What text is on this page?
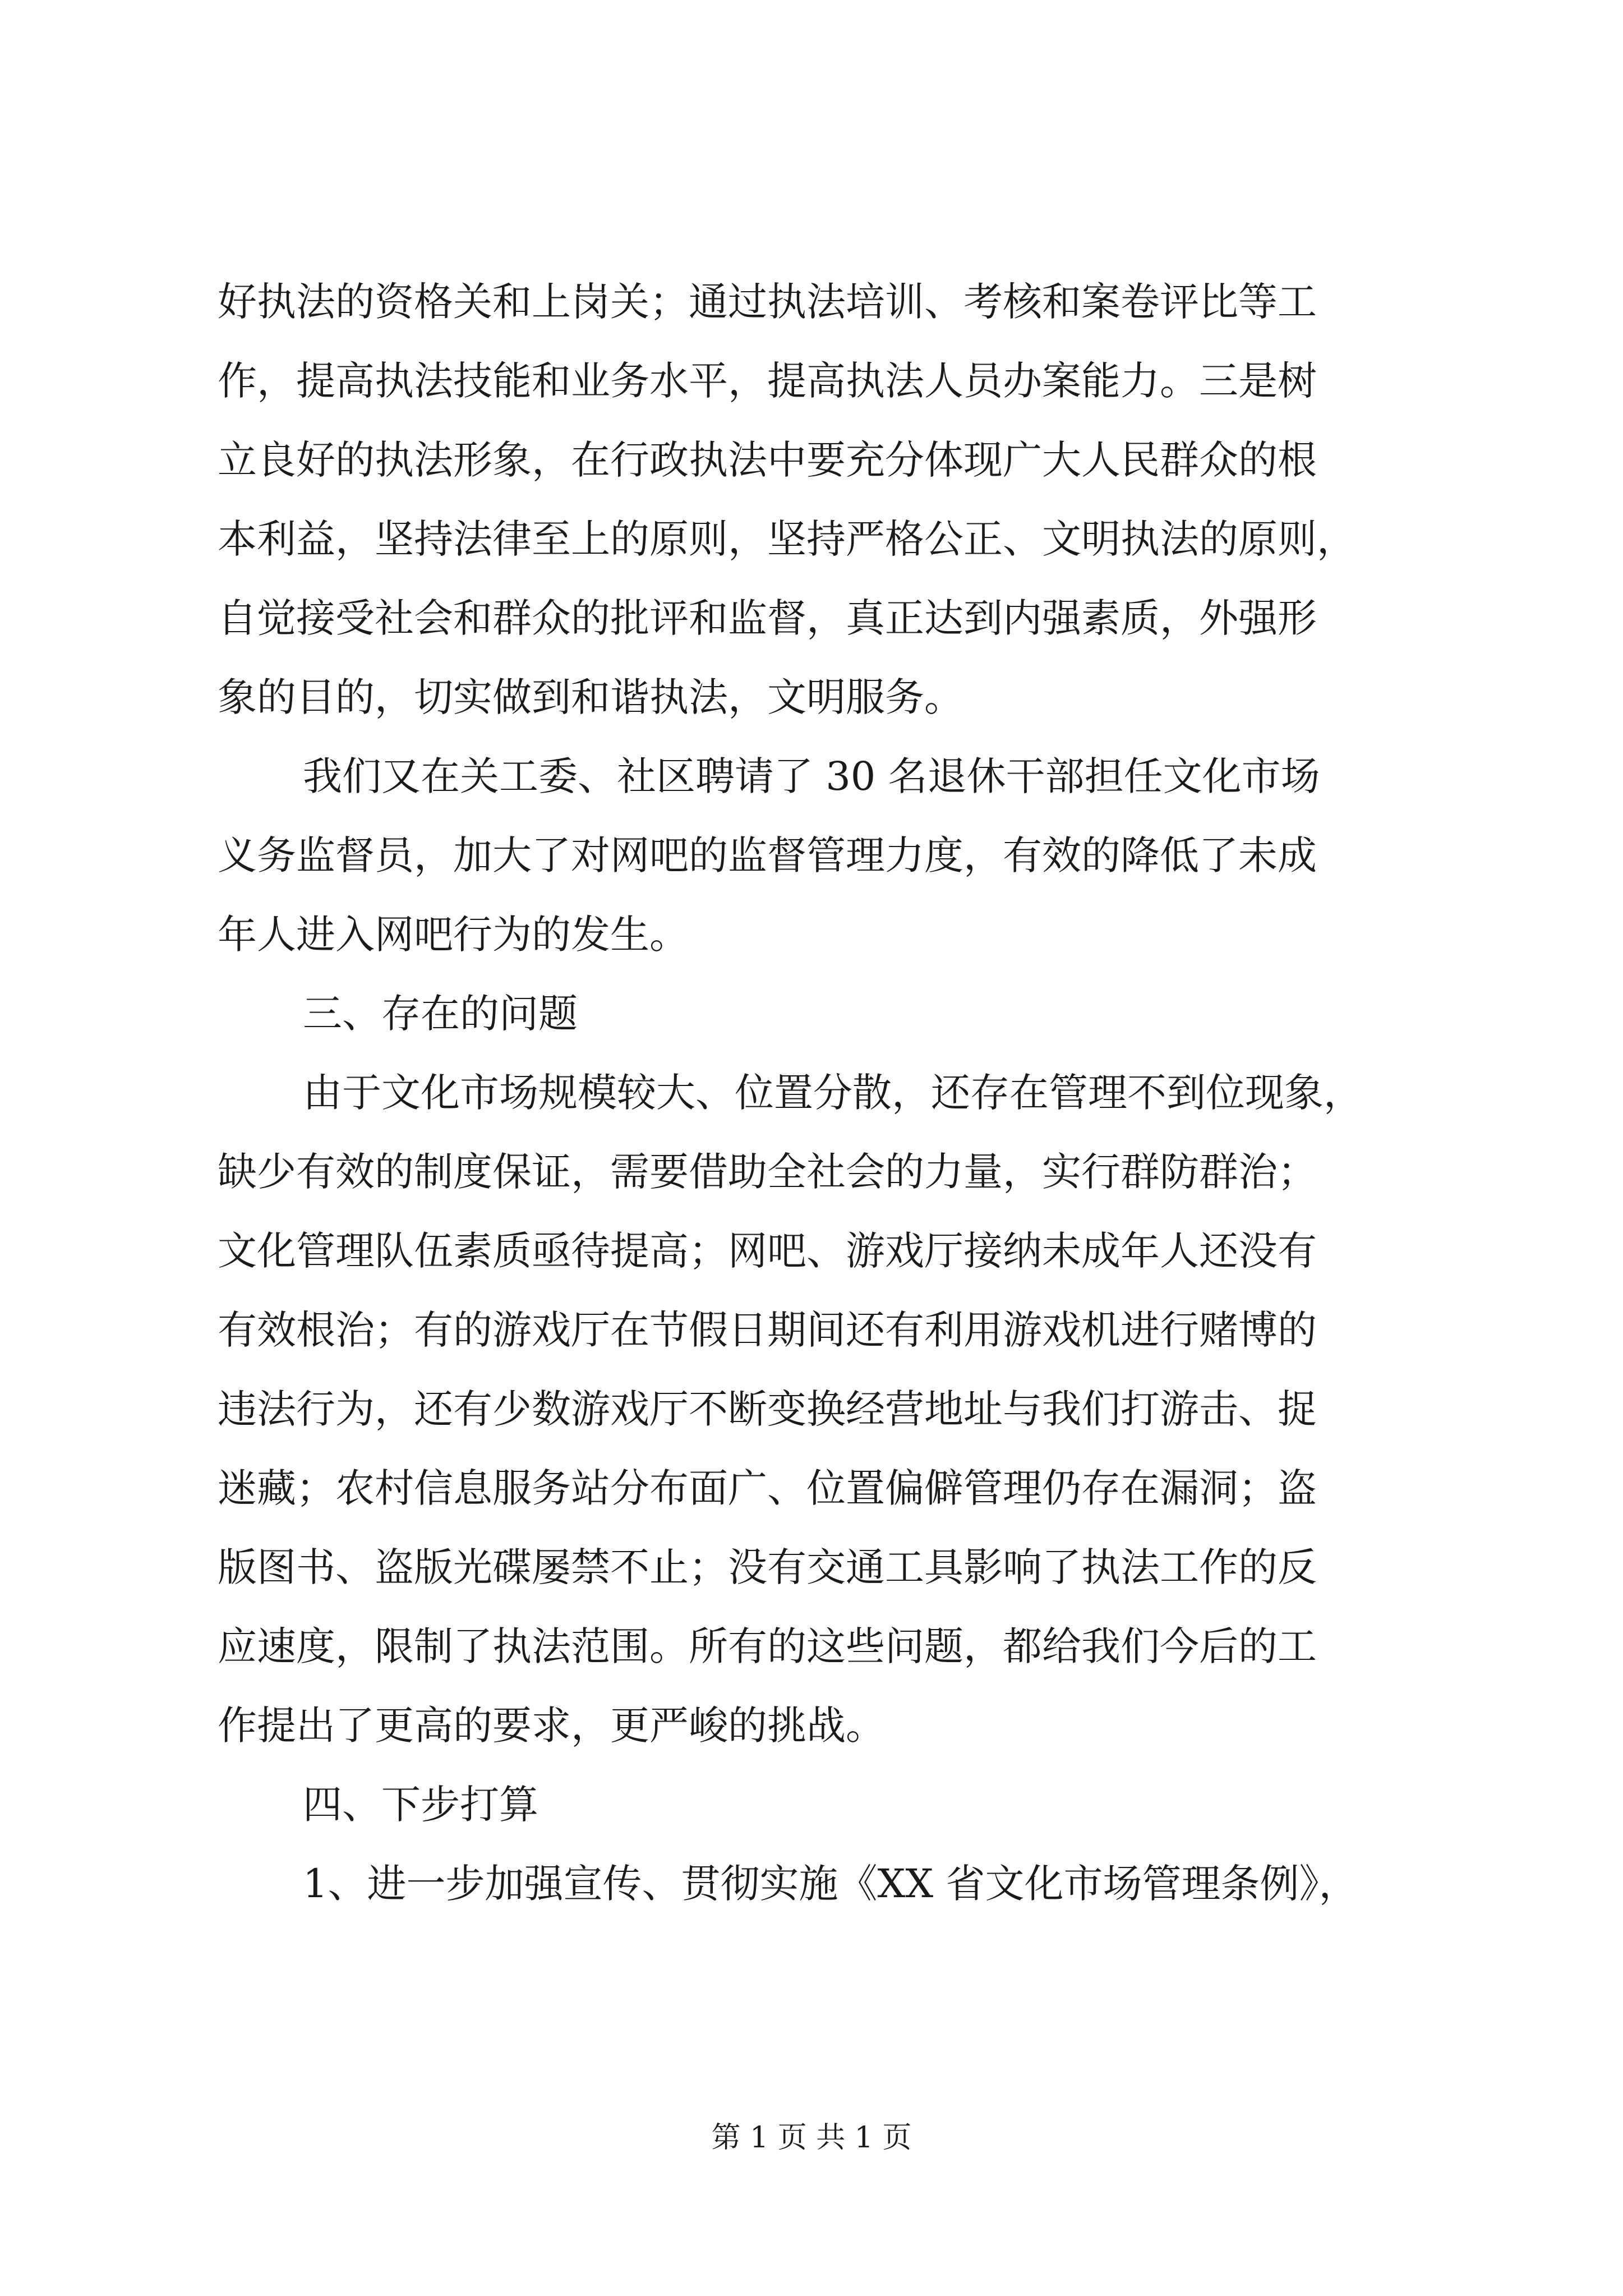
好执法的资格关和上岗关；通过执法培训、考核和案卷评比等工
作，提高执法技能和业务水平，提高执法人员办案能力。三是树
立良好的执法形象，在行政执法中要充分体现广大人民群众的根
本利益，坚持法律至上的原则，坚持严格公正、文明执法的原则，
自觉接受社会和群众的批评和监督，真正达到内强素质，外强形
象的目的，切实做到和谐执法，文明服务。
我们又在关工委、社区聘请了 30 名退休干部担任文化市场
义务监督员，加大了对网吧的监督管理力度，有效的降低了未成
年人进入网吧行为的发生。
三、存在的问题
由于文化市场规模较大、位置分散，还存在管理不到位现象，
缺少有效的制度保证，需要借助全社会的力量，实行群防群治；
文化管理队伍素质亟待提高；网吧、游戏厅接纳未成年人还没有
有效根治；有的游戏厅在节假日期间还有利用游戏机进行赌博的
违法行为，还有少数游戏厅不断变换经营地址与我们打游击、捉
迷藏；农村信息服务站分布面广、位置偏僻管理仍存在漏洞；盗
版图书、盗版光碟屡禁不止；没有交通工具影响了执法工作的反
应速度，限制了执法范围。所有的这些问题，都给我们今后的工
作提出了更高的要求，更严峻的挑战。
四、下步打算
1、进一步加强宣传、贯彻实施《XX 省文化市场管理条例》，
第 1 页 共 1 页
